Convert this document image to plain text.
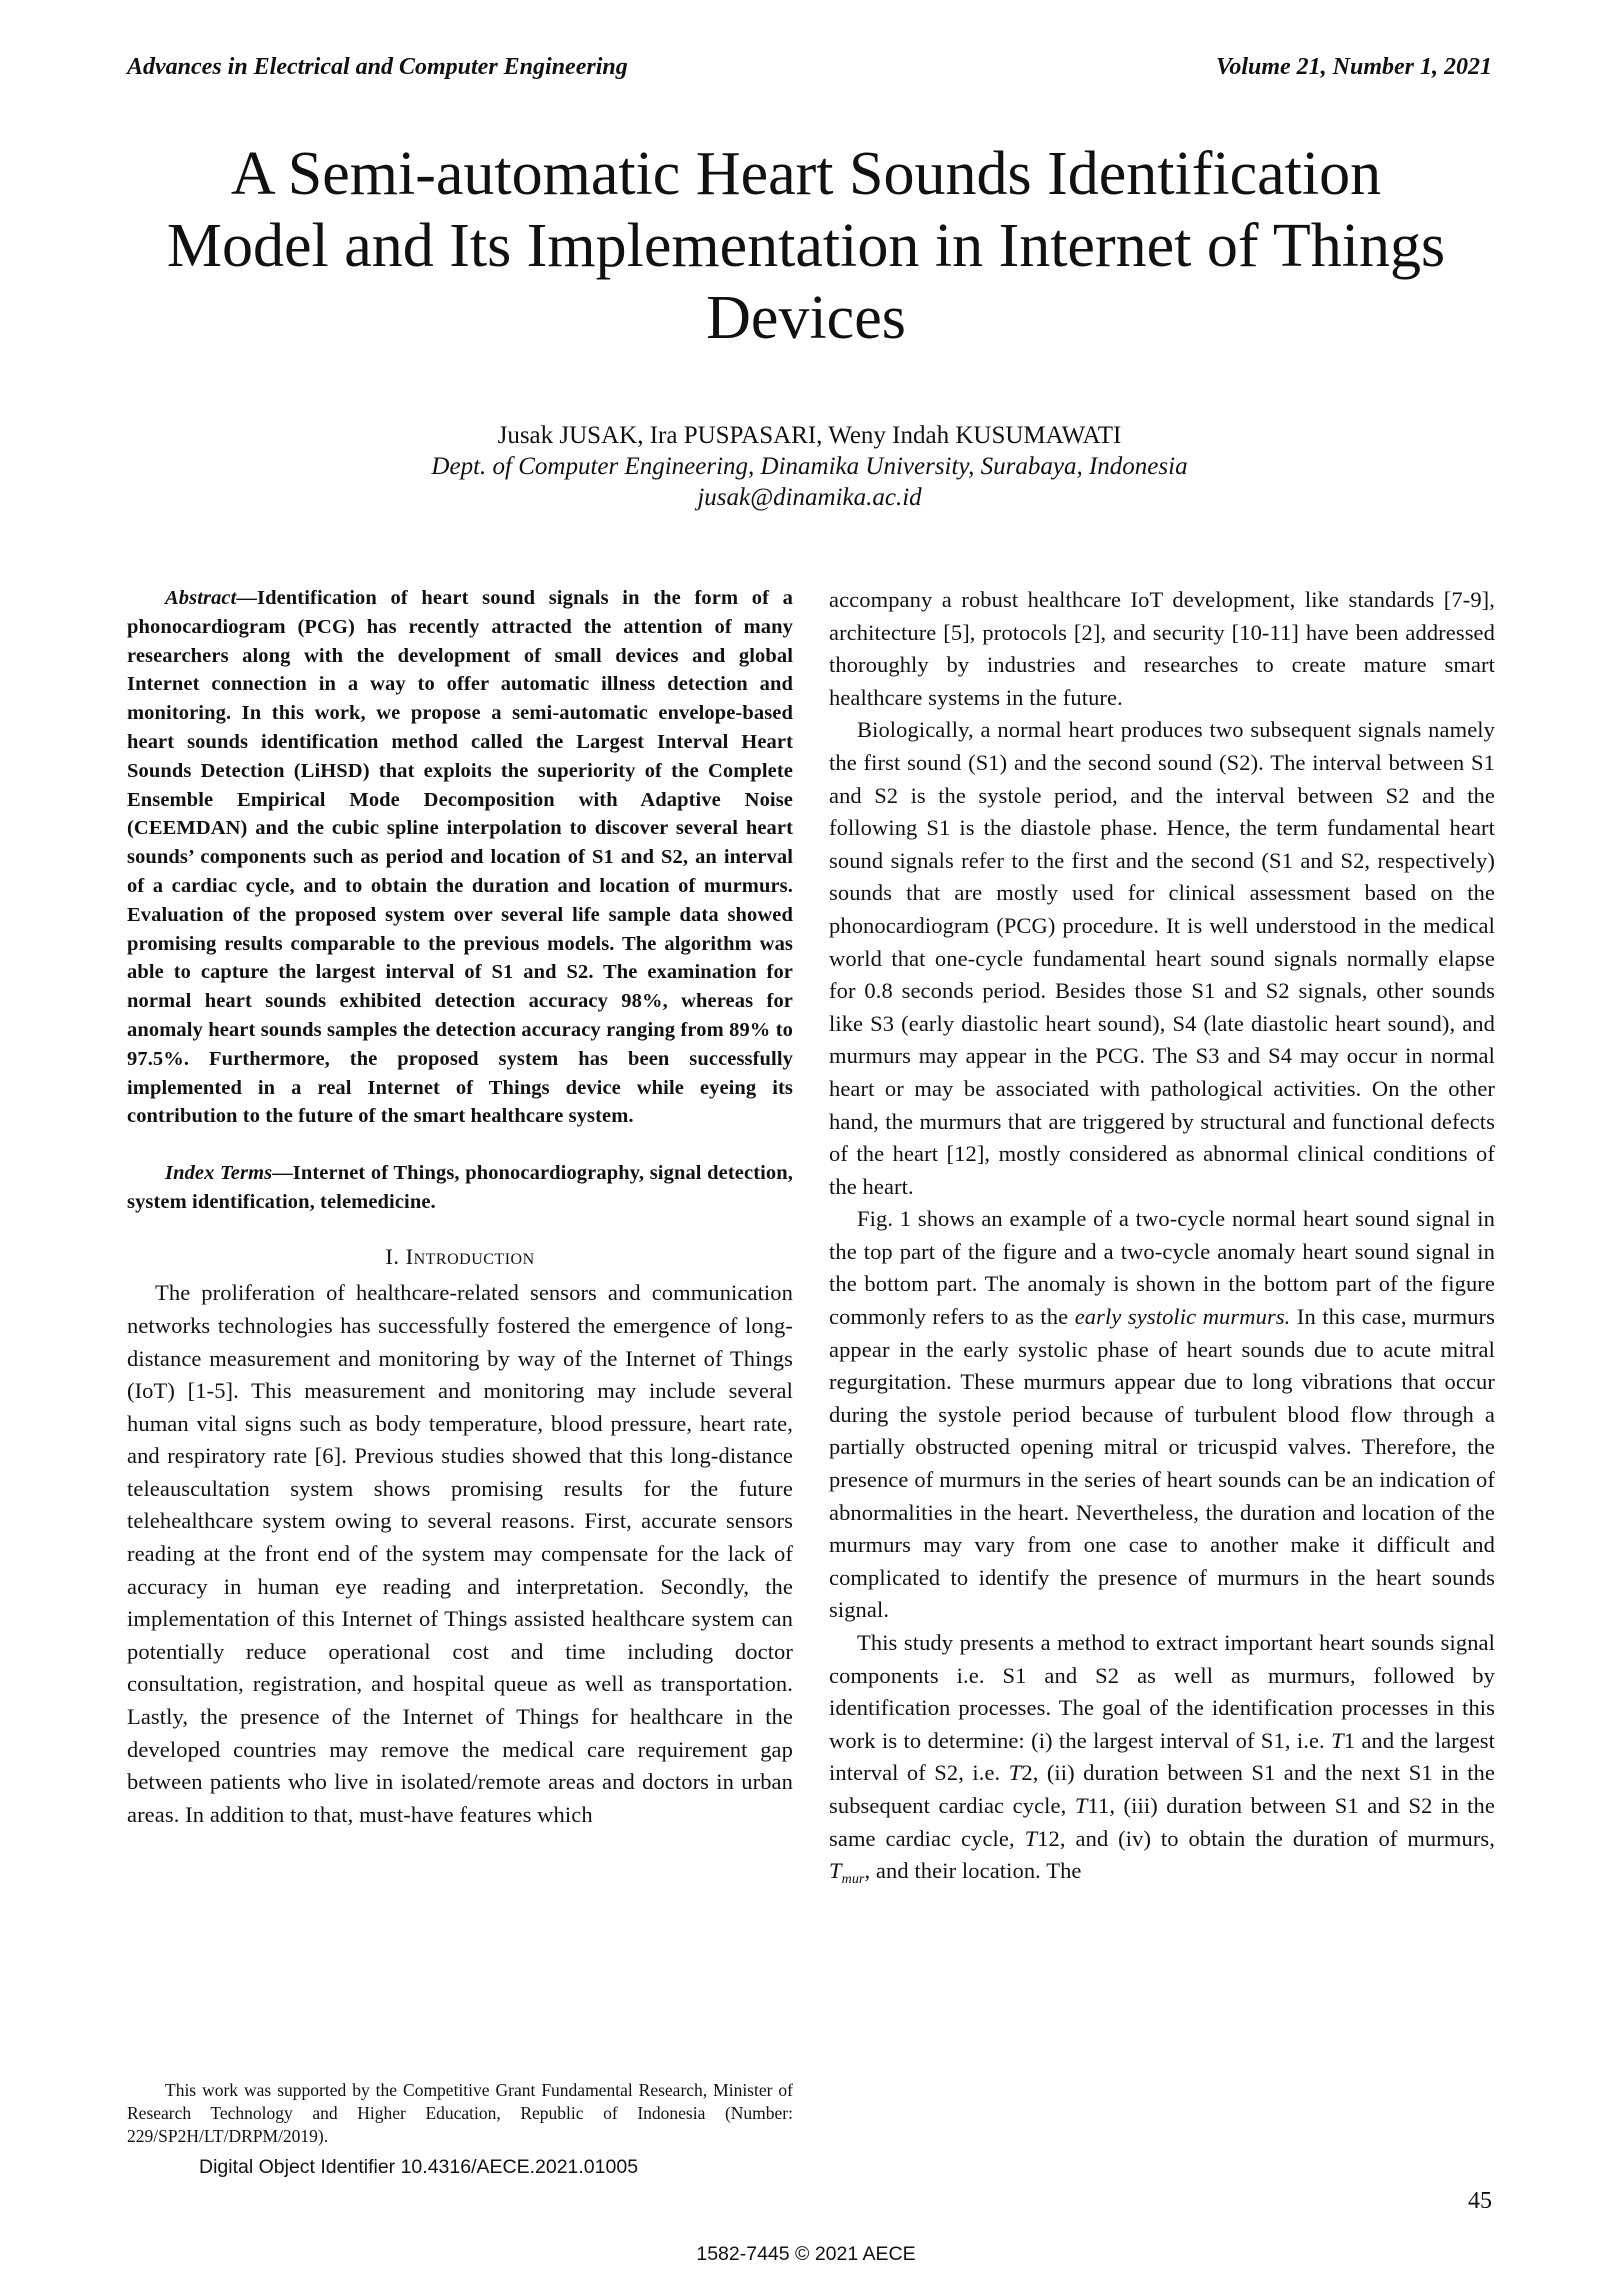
Advances in Electrical and Computer Engineering	Volume 21, Number 1, 2021
A Semi-automatic Heart Sounds Identification Model and Its Implementation in Internet of Things Devices
Jusak JUSAK, Ira PUSPASARI, Weny Indah KUSUMAWATI
Dept. of Computer Engineering, Dinamika University, Surabaya, Indonesia
jusak@dinamika.ac.id

Abstract—Identification of heart sound signals in the form of a phonocardiogram (PCG) has recently attracted the attention of many researchers along with the development of small devices and global Internet connection in a way to offer automatic illness detection and monitoring. In this work, we propose a semi-automatic envelope-based heart sounds identification method called the Largest Interval Heart Sounds Detection (LiHSD) that exploits the superiority of the Complete Ensemble Empirical Mode Decomposition with Adaptive Noise (CEEMDAN) and the cubic spline interpolation to discover several heart sounds’ components such as period and location of S1 and S2, an interval of a cardiac cycle, and to obtain the duration and location of murmurs. Evaluation of the proposed system over several life sample data showed promising results comparable to the previous models. The algorithm was able to capture the largest interval of S1 and S2. The examination for normal heart sounds exhibited detection accuracy 98%, whereas for anomaly heart sounds samples the detection accuracy ranging from 89% to 97.5%. Furthermore, the proposed system has been successfully implemented in a real Internet of Things device while eyeing its contribution to the future of the smart healthcare system.

Index Terms—Internet of Things, phonocardiography, signal detection, system identification, telemedicine.

I. Introduction

The proliferation of healthcare-related sensors and communication networks technologies has successfully fostered the emergence of long-distance measurement and monitoring by way of the Internet of Things (IoT) [1-5]. This measurement and monitoring may include several human vital signs such as body temperature, blood pressure, heart rate, and respiratory rate [6]. Previous studies showed that this long-distance teleauscultation system shows promising results for the future telehealthcare system owing to several reasons. First, accurate sensors reading at the front end of the system may compensate for the lack of accuracy in human eye reading and interpretation. Secondly, the implementation of this Internet of Things assisted healthcare system can potentially reduce operational cost and time including doctor consultation, registration, and hospital queue as well as transportation. Lastly, the presence of the Internet of Things for healthcare in the developed countries may remove the medical care requirement gap between patients who live in isolated/remote areas and doctors in urban areas. In addition to that, must-have features which

accompany a robust healthcare IoT development, like standards [7-9], architecture [5], protocols [2], and security [10-11] have been addressed thoroughly by industries and researches to create mature smart healthcare systems in the future.

Biologically, a normal heart produces two subsequent signals namely the first sound (S1) and the second sound (S2). The interval between S1 and S2 is the systole period, and the interval between S2 and the following S1 is the diastole phase. Hence, the term fundamental heart sound signals refer to the first and the second (S1 and S2, respectively) sounds that are mostly used for clinical assessment based on the phonocardiogram (PCG) procedure. It is well understood in the medical world that one-cycle fundamental heart sound signals normally elapse for 0.8 seconds period. Besides those S1 and S2 signals, other sounds like S3 (early diastolic heart sound), S4 (late diastolic heart sound), and murmurs may appear in the PCG. The S3 and S4 may occur in normal heart or may be associated with pathological activities. On the other hand, the murmurs that are triggered by structural and functional defects of the heart [12], mostly considered as abnormal clinical conditions of the heart.

Fig. 1 shows an example of a two-cycle normal heart sound signal in the top part of the figure and a two-cycle anomaly heart sound signal in the bottom part. The anomaly is shown in the bottom part of the figure commonly refers to as the early systolic murmurs. In this case, murmurs appear in the early systolic phase of heart sounds due to acute mitral regurgitation. These murmurs appear due to long vibrations that occur during the systole period because of turbulent blood flow through a partially obstructed opening mitral or tricuspid valves. Therefore, the presence of murmurs in the series of heart sounds can be an indication of abnormalities in the heart. Nevertheless, the duration and location of the murmurs may vary from one case to another make it difficult and complicated to identify the presence of murmurs in the heart sounds signal.

This study presents a method to extract important heart sounds signal components i.e. S1 and S2 as well as murmurs, followed by identification processes. The goal of the identification processes in this work is to determine: (i) the largest interval of S1, i.e. T1 and the largest interval of S2, i.e. T2, (ii) duration between S1 and the next S1 in the subsequent cardiac cycle, T11, (iii) duration between S1 and S2 in the same cardiac cycle, T12, and (iv) to obtain the duration of murmurs, $T_{mur}$, and their location. The

This work was supported by the Competitive Grant Fundamental Research, Minister of Research Technology and Higher Education, Republic of Indonesia (Number: 229/SP2H/LT/DRPM/2019).
Digital Object Identifier 10.4316/AECE.2021.01005
45
1582-7445 © 2021 AECE
